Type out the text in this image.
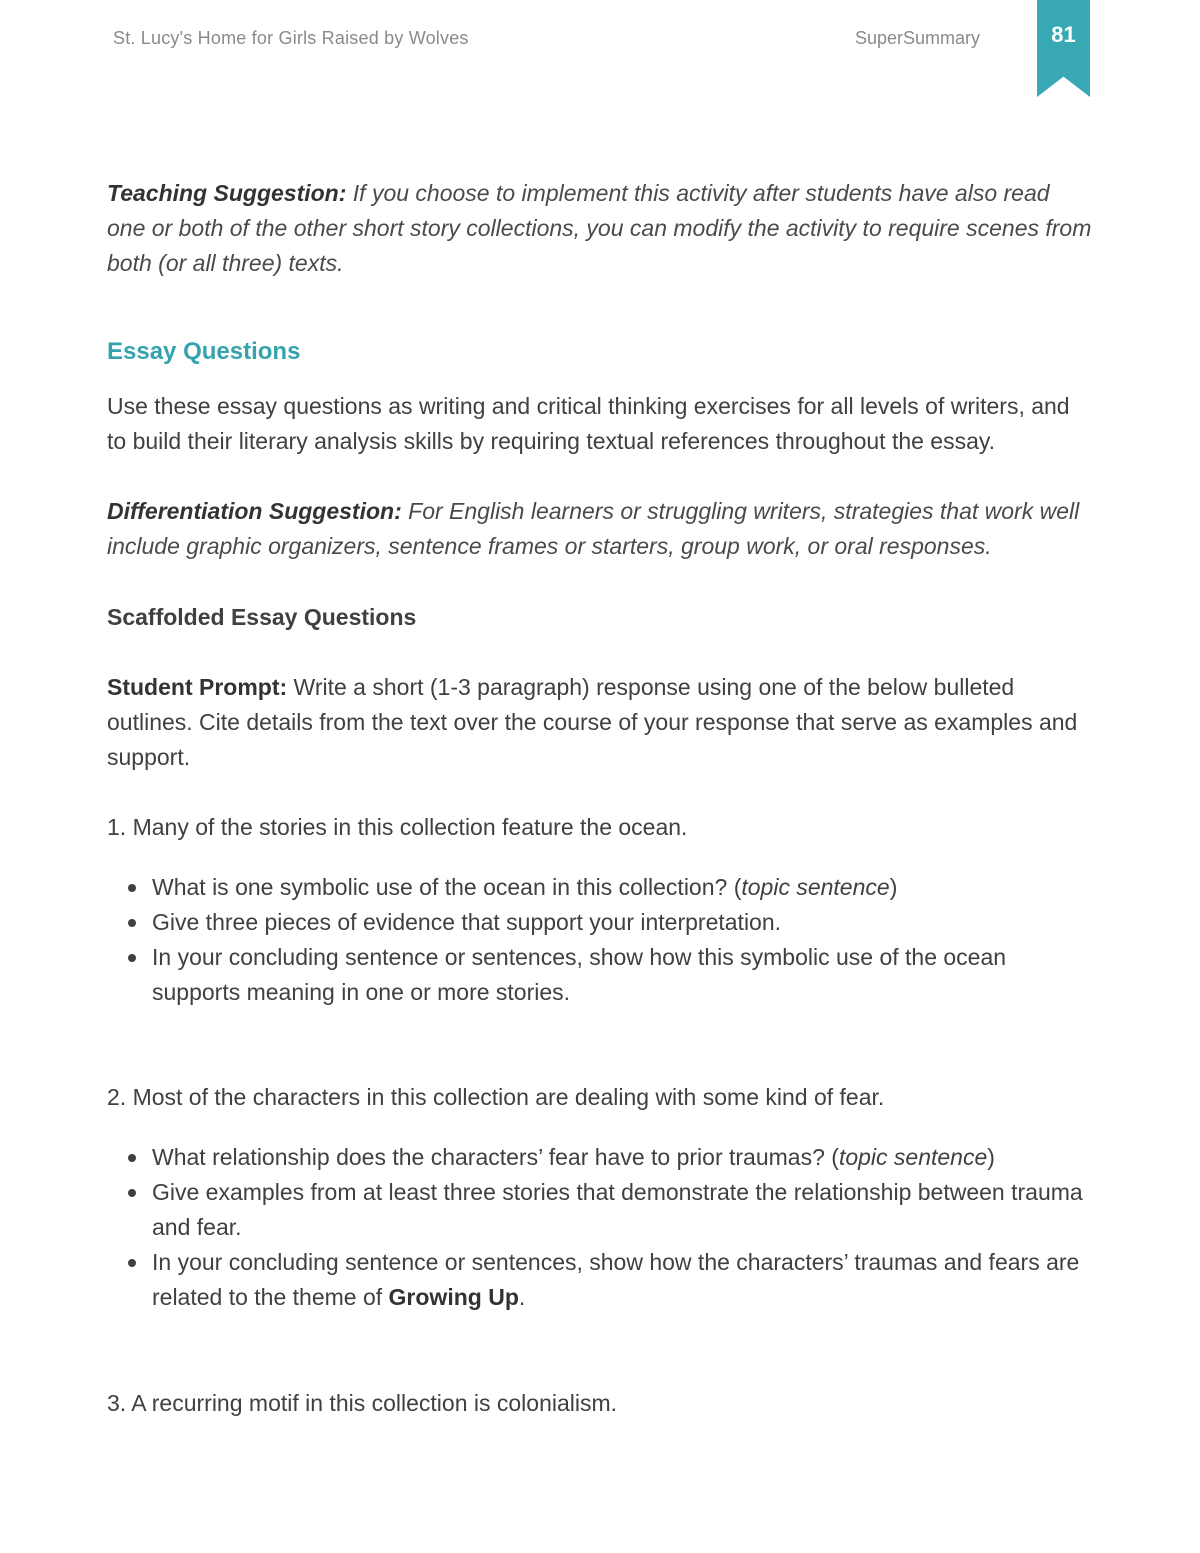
St. Lucy's Home for Girls Raised by Wolves	SuperSummary	81

Teaching Suggestion: If you choose to implement this activity after students have also read one or both of the other short story collections, you can modify the activity to require scenes from both (or all three) texts.

Essay Questions

Use these essay questions as writing and critical thinking exercises for all levels of writers, and to build their literary analysis skills by requiring textual references throughout the essay.

Differentiation Suggestion: For English learners or struggling writers, strategies that work well include graphic organizers, sentence frames or starters, group work, or oral responses.

Scaffolded Essay Questions

Student Prompt: Write a short (1-3 paragraph) response using one of the below bulleted outlines. Cite details from the text over the course of your response that serve as examples and support.

1. Many of the stories in this collection feature the ocean.

What is one symbolic use of the ocean in this collection? (topic sentence)
Give three pieces of evidence that support your interpretation.
In your concluding sentence or sentences, show how this symbolic use of the ocean supports meaning in one or more stories.

2. Most of the characters in this collection are dealing with some kind of fear.

What relationship does the characters’ fear have to prior traumas? (topic sentence)
Give examples from at least three stories that demonstrate the relationship between trauma and fear.
In your concluding sentence or sentences, show how the characters’ traumas and fears are related to the theme of Growing Up.

3. A recurring motif in this collection is colonialism.
